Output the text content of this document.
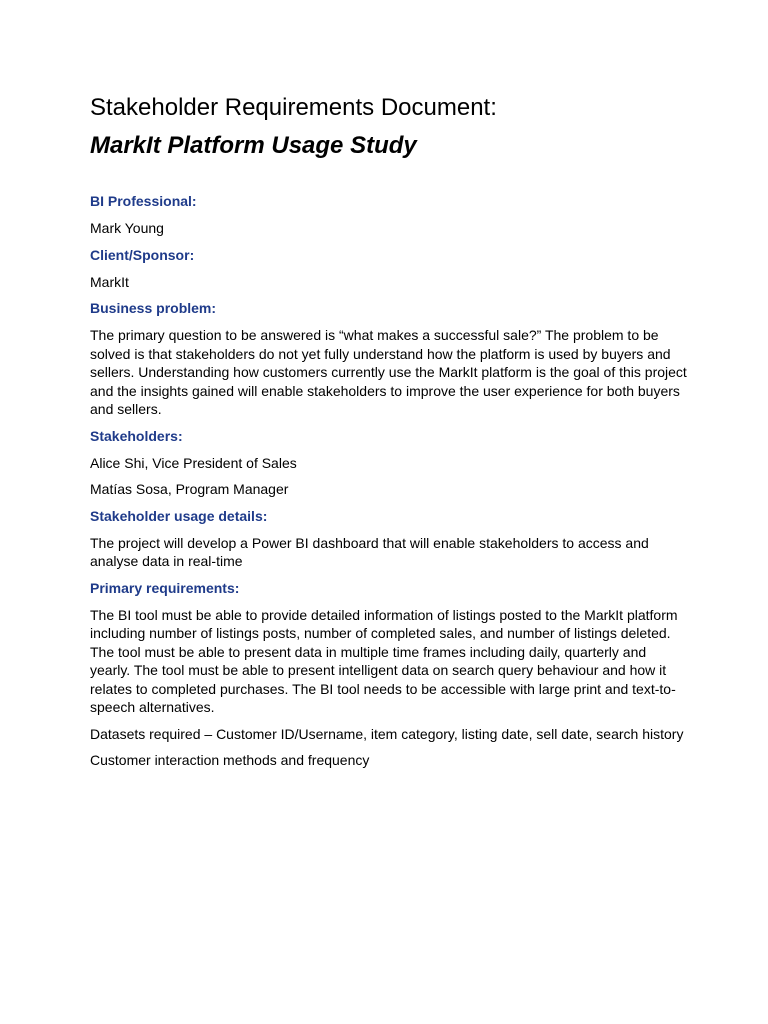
Stakeholder Requirements Document:
MarkIt Platform Usage Study

BI Professional:

Mark Young

Client/Sponsor:

MarkIt

Business problem:

The primary question to be answered is “what makes a successful sale?” The problem to be solved is that stakeholders do not yet fully understand how the platform is used by buyers and sellers. Understanding how customers currently use the MarkIt platform is the goal of this project and the insights gained will enable stakeholders to improve the user experience for both buyers and sellers.

Stakeholders:

Alice Shi, Vice President of Sales

Matías Sosa, Program Manager

Stakeholder usage details:

The project will develop a Power BI dashboard that will enable stakeholders to access and analyse data in real-time

Primary requirements:

The BI tool must be able to provide detailed information of listings posted to the MarkIt platform including number of listings posts, number of completed sales, and number of listings deleted. The tool must be able to present data in multiple time frames including daily, quarterly and yearly. The tool must be able to present intelligent data on search query behaviour and how it relates to completed purchases. The BI tool needs to be accessible with large print and text-to-speech alternatives.

Datasets required – Customer ID/Username, item category, listing date, sell date, search history

Customer interaction methods and frequency
